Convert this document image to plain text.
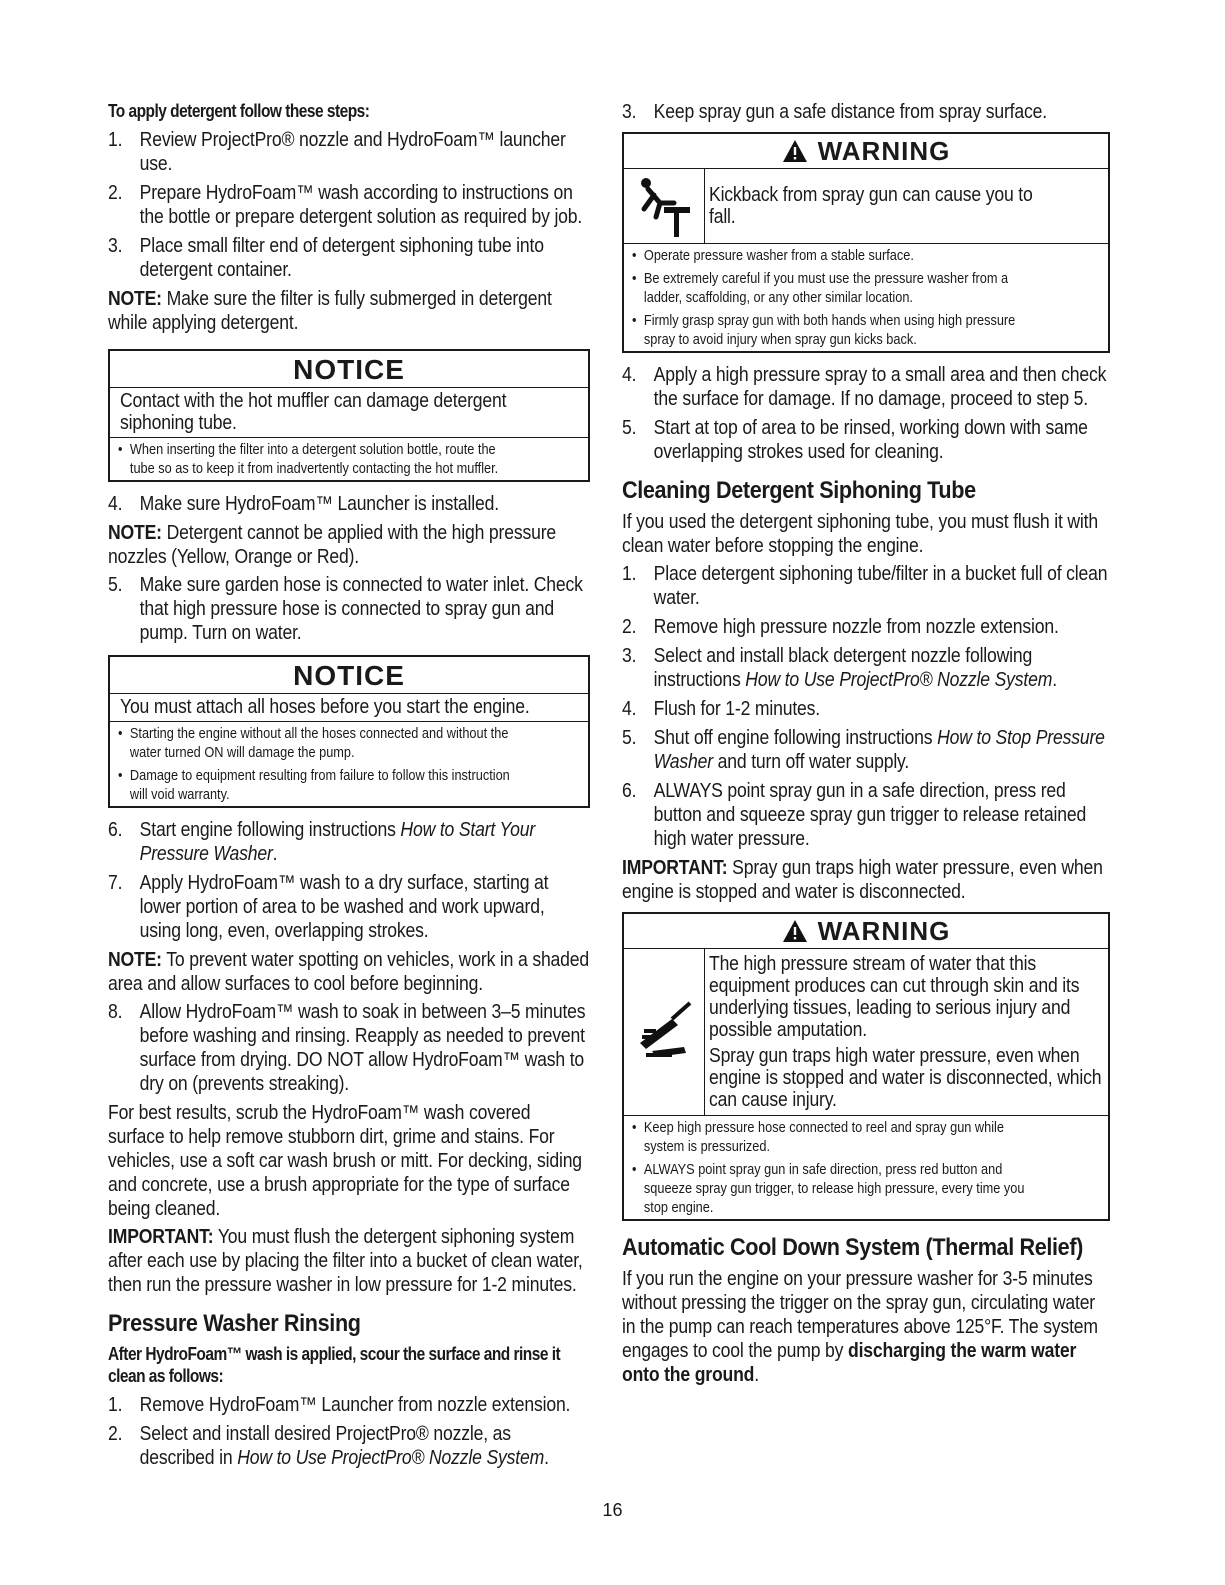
To apply detergent follow these steps:
1. Review ProjectPro® nozzle and HydroFoam™ launcher use.
2. Prepare HydroFoam™ wash according to instructions on the bottle or prepare detergent solution as required by job.
3. Place small filter end of detergent siphoning tube into detergent container.
NOTE: Make sure the filter is fully submerged in detergent while applying detergent.
NOTICE
Contact with the hot muffler can damage detergent siphoning tube.
• When inserting the filter into a detergent solution bottle, route the tube so as to keep it from inadvertently contacting the hot muffler.
4. Make sure HydroFoam™ Launcher is installed.
NOTE: Detergent cannot be applied with the high pressure nozzles (Yellow, Orange or Red).
5. Make sure garden hose is connected to water inlet. Check that high pressure hose is connected to spray gun and pump. Turn on water.
NOTICE
You must attach all hoses before you start the engine.
• Starting the engine without all the hoses connected and without the water turned ON will damage the pump.
• Damage to equipment resulting from failure to follow this instruction will void warranty.
6. Start engine following instructions How to Start Your Pressure Washer.
7. Apply HydroFoam™ wash to a dry surface, starting at lower portion of area to be washed and work upward, using long, even, overlapping strokes.
NOTE: To prevent water spotting on vehicles, work in a shaded area and allow surfaces to cool before beginning.
8. Allow HydroFoam™ wash to soak in between 3–5 minutes before washing and rinsing. Reapply as needed to prevent surface from drying. DO NOT allow HydroFoam™ wash to dry on (prevents streaking).
For best results, scrub the HydroFoam™ wash covered surface to help remove stubborn dirt, grime and stains. For vehicles, use a soft car wash brush or mitt. For decking, siding and concrete, use a brush appropriate for the type of surface being cleaned.
IMPORTANT: You must flush the detergent siphoning system after each use by placing the filter into a bucket of clean water, then run the pressure washer in low pressure for 1-2 minutes.
Pressure Washer Rinsing
After HydroFoam™ wash is applied, scour the surface and rinse it clean as follows:
1. Remove HydroFoam™ Launcher from nozzle extension.
2. Select and install desired ProjectPro® nozzle, as described in How to Use ProjectPro® Nozzle System.
3. Keep spray gun a safe distance from spray surface.
WARNING
Kickback from spray gun can cause you to fall.
• Operate pressure washer from a stable surface.
• Be extremely careful if you must use the pressure washer from a ladder, scaffolding, or any other similar location.
• Firmly grasp spray gun with both hands when using high pressure spray to avoid injury when spray gun kicks back.
4. Apply a high pressure spray to a small area and then check the surface for damage. If no damage, proceed to step 5.
5. Start at top of area to be rinsed, working down with same overlapping strokes used for cleaning.
Cleaning Detergent Siphoning Tube
If you used the detergent siphoning tube, you must flush it with clean water before stopping the engine.
1. Place detergent siphoning tube/filter in a bucket full of clean water.
2. Remove high pressure nozzle from nozzle extension.
3. Select and install black detergent nozzle following instructions How to Use ProjectPro® Nozzle System.
4. Flush for 1-2 minutes.
5. Shut off engine following instructions How to Stop Pressure Washer and turn off water supply.
6. ALWAYS point spray gun in a safe direction, press red button and squeeze spray gun trigger to release retained high water pressure.
IMPORTANT: Spray gun traps high water pressure, even when engine is stopped and water is disconnected.
WARNING
The high pressure stream of water that this equipment produces can cut through skin and its underlying tissues, leading to serious injury and possible amputation.
Spray gun traps high water pressure, even when engine is stopped and water is disconnected, which can cause injury.
• Keep high pressure hose connected to reel and spray gun while system is pressurized.
• ALWAYS point spray gun in safe direction, press red button and squeeze spray gun trigger, to release high pressure, every time you stop engine.
Automatic Cool Down System (Thermal Relief)
If you run the engine on your pressure washer for 3-5 minutes without pressing the trigger on the spray gun, circulating water in the pump can reach temperatures above 125°F. The system engages to cool the pump by discharging the warm water onto the ground.
16
